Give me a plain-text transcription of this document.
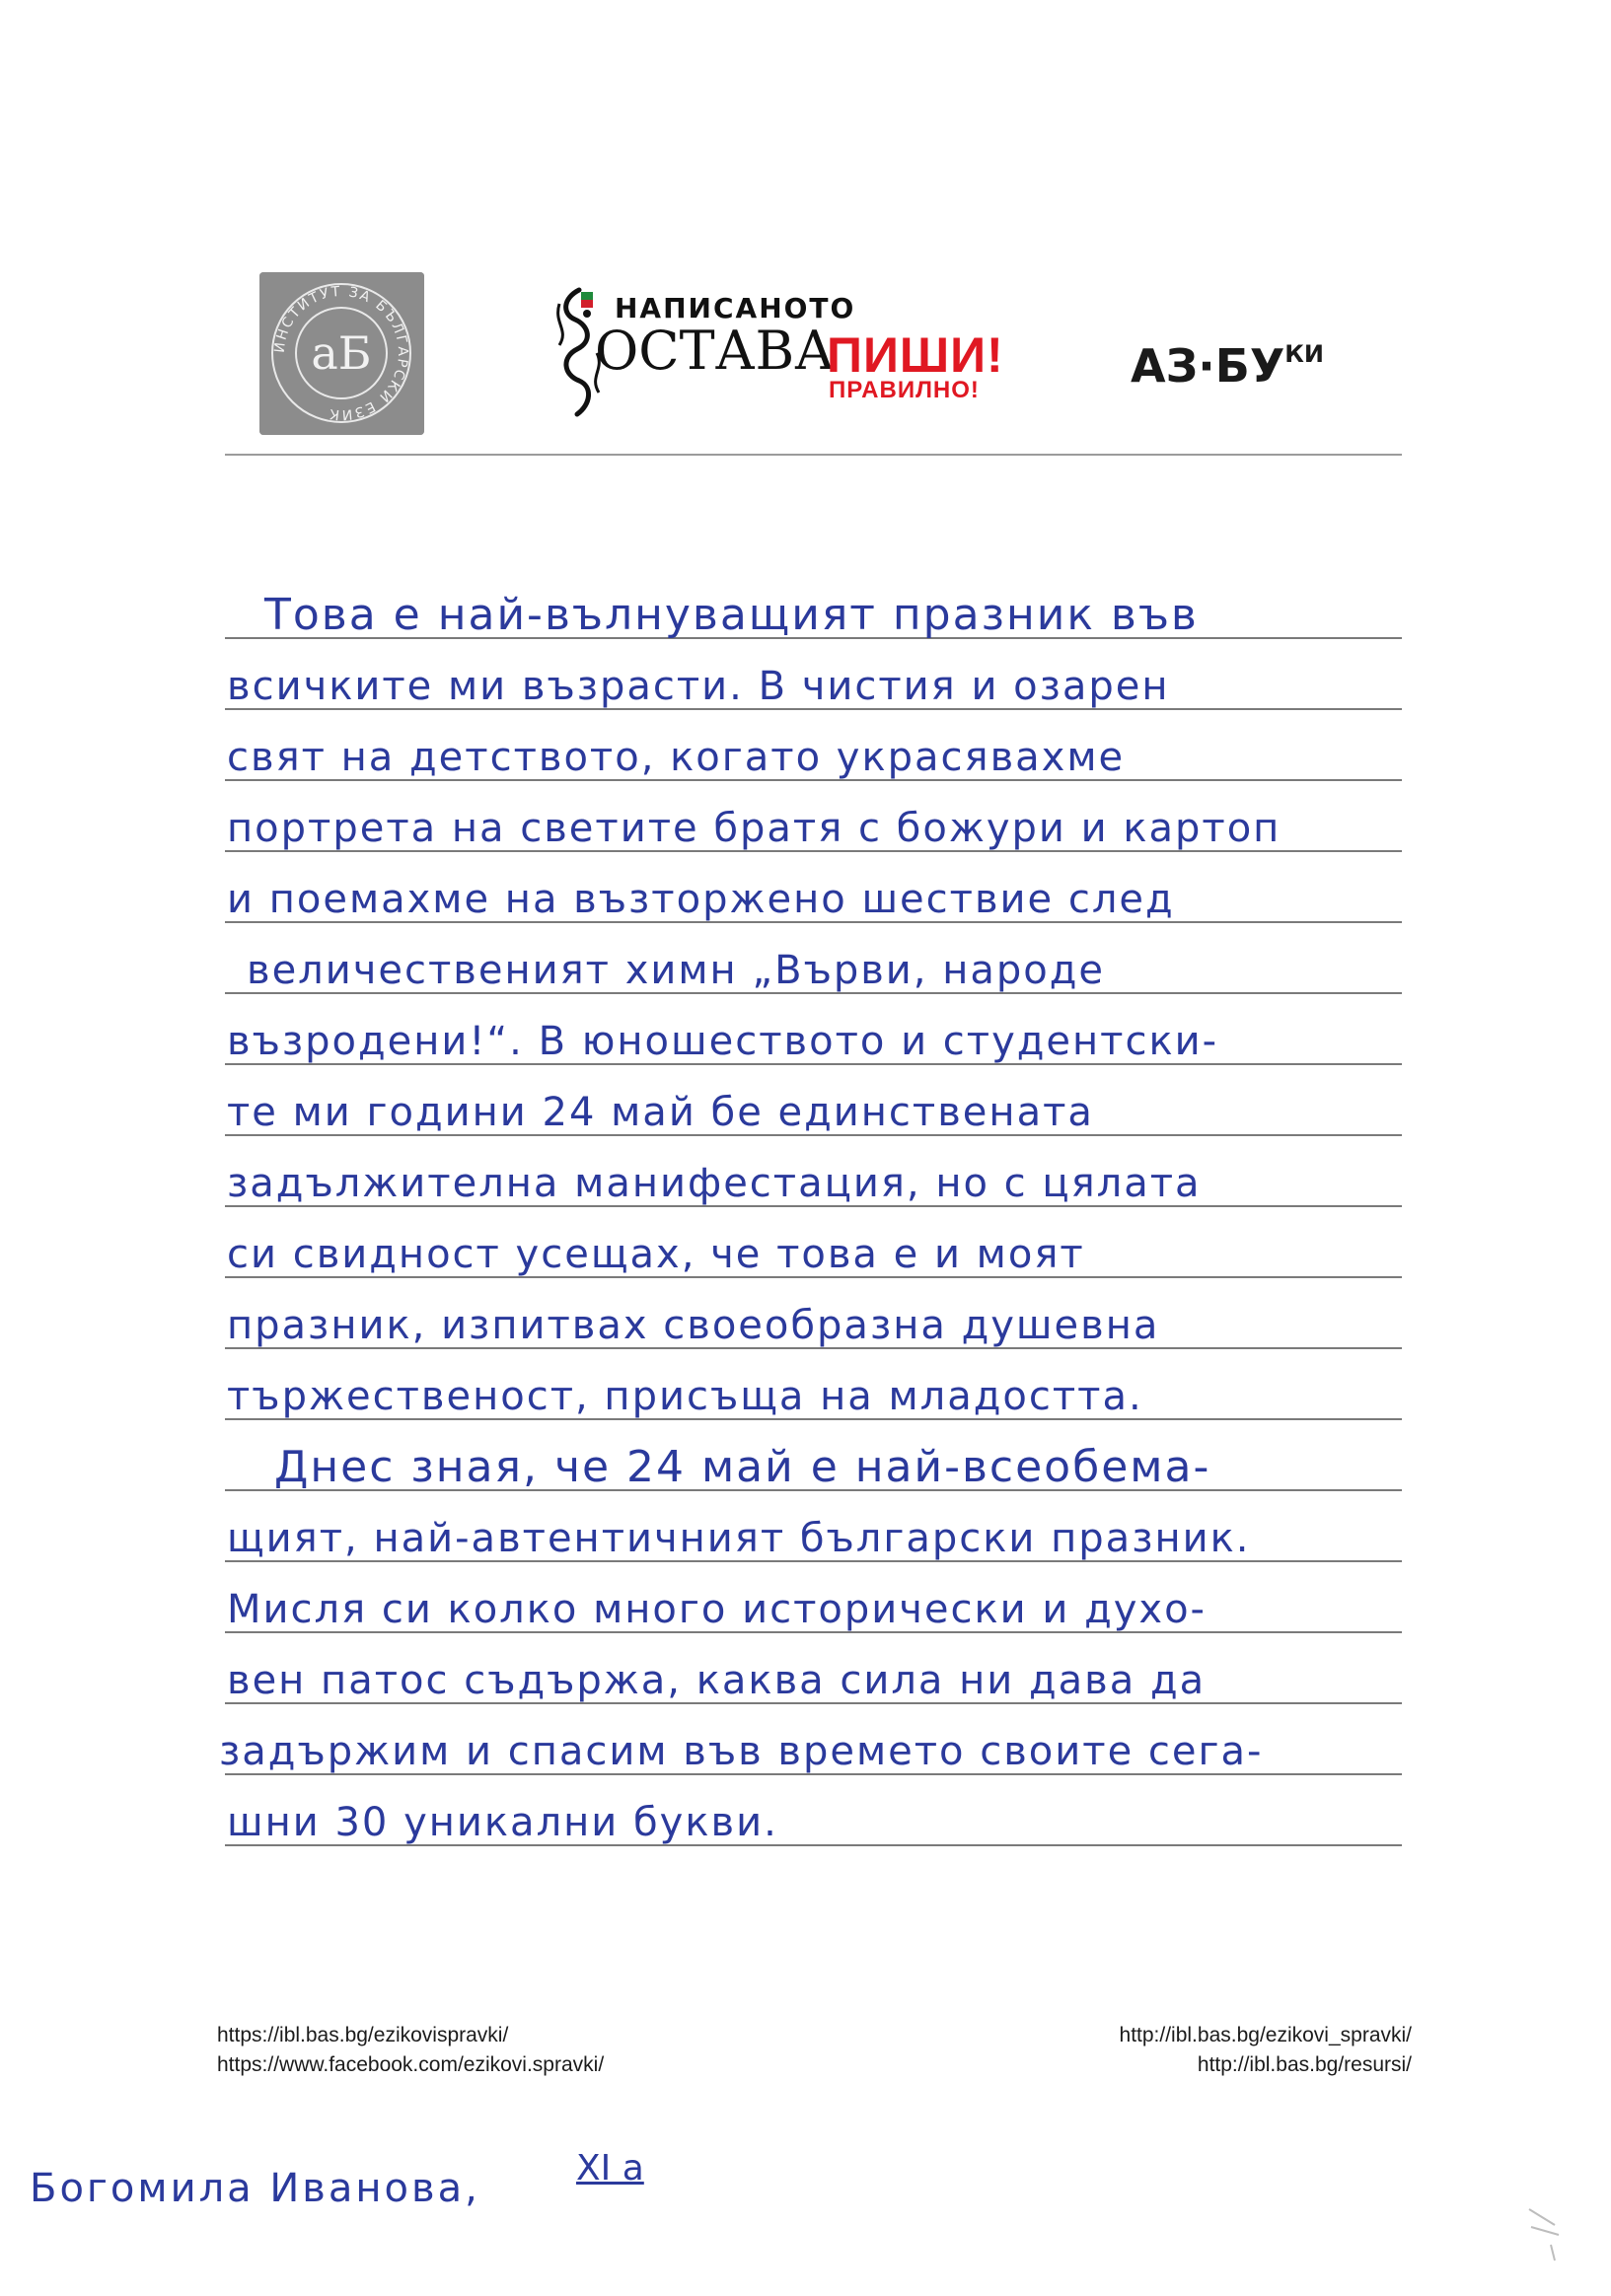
аБ
ИНСТИТУТ ЗА БЪЛГАРСКИ ЕЗИК
НАПИСАНОТО
ОСТАВА
ПИШИ!
ПРАВИЛНО!	$АЗ\cdot БУ^{КИ}$
Това е най-вълнуващият празник във
всичките ми възрасти. В чистия и озарен
свят на детството, когато украсявахме
портрета на светите братя с божури и картоп
и поемахме на възторжено шествие след
величественият химн „Върви, народе
възродени!“. В юношеството и студентски-
те ми години 24 май бе единствената
задължителна манифестация, но с цялата
си свидност усещах, че това е и моят
празник, изпитвах своеобразна душевна
тържественост, присъща на младостта.
Днес зная, че 24 май е най-всеобема-
щият, най-автентичният български празник.
Мисля си колко много историчeски и духо-
вен патос съдържа, каква сила ни дава да
задържим и спасим във времето своите сега-
шни 30 уникални букви.
https://ibl.bas.bg/ezikovispravki/
https://www.facebook.com/ezikovi.spravki/
http://ibl.bas.bg/ezikovi_spravki/
http://ibl.bas.bg/resursi/
Богомила Иванова,	XI а
